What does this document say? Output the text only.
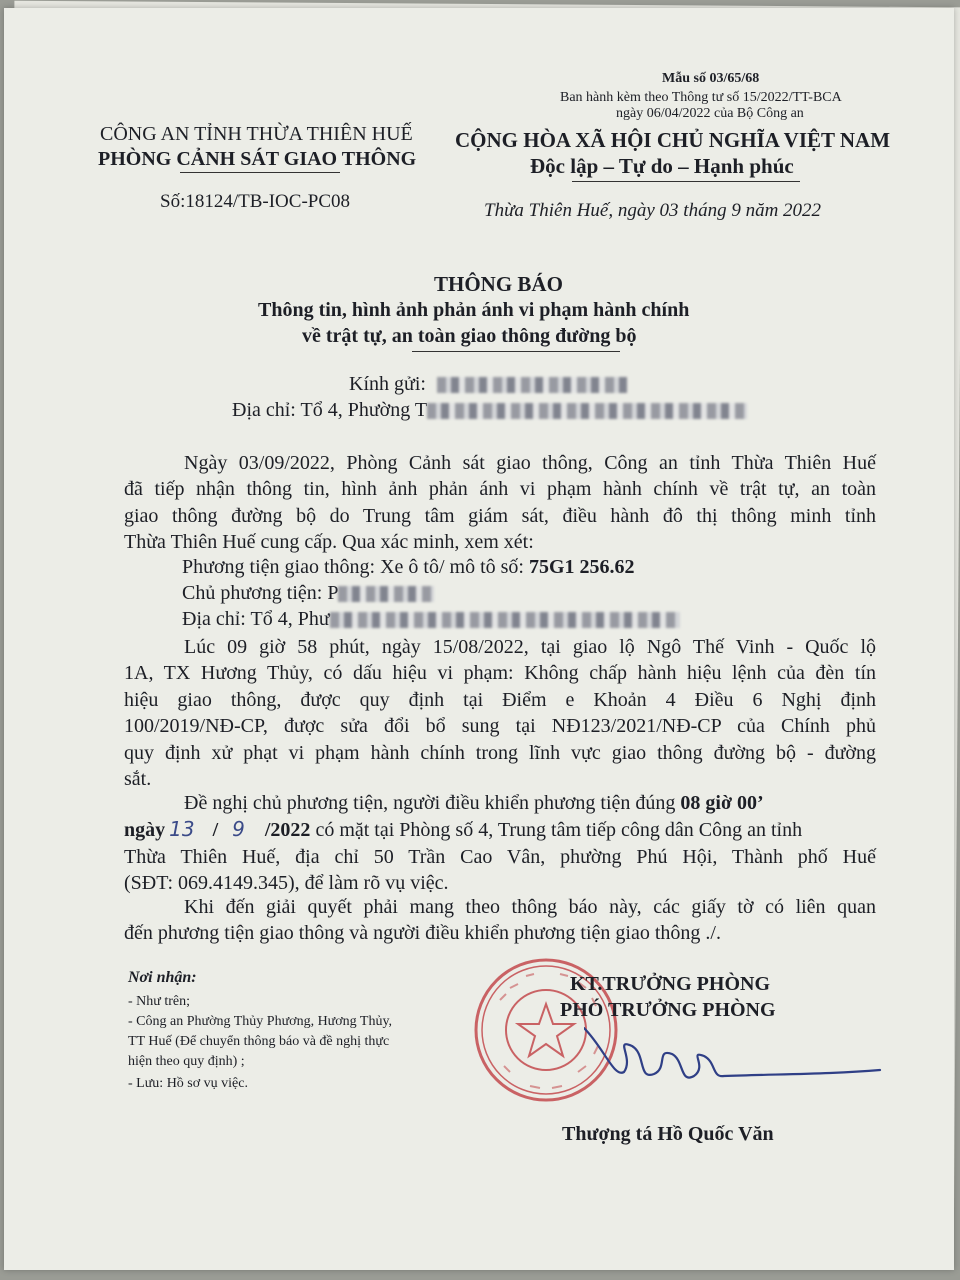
Mẫu số 03/65/68
Ban hành kèm theo Thông tư số 15/2022/TT-BCA
ngày 06/04/2022 của Bộ Công an
CÔNG AN TỈNH THỪA THIÊN HUẾ
PHÒNG CẢNH SÁT GIAO THÔNG
Số:18124/TB-IOC-PC08
CỘNG HÒA XÃ HỘI CHỦ NGHĨA VIỆT NAM
Độc lập – Tự do – Hạnh phúc
Thừa Thiên Huế, ngày 03 tháng 9 năm 2022
THÔNG BÁO
Thông tin, hình ảnh phản ánh vi phạm hành chính
về trật tự, an toàn giao thông đường bộ
Kính gửi:
Địa chỉ: Tổ 4, Phường T
Ngày 03/09/2022, Phòng Cảnh sát giao thông, Công an tỉnh Thừa Thiên Huế
đã tiếp nhận thông tin, hình ảnh phản ánh vi phạm hành chính về trật tự, an toàn
giao thông đường bộ do Trung tâm giám sát, điều hành đô thị thông minh tỉnh
Thừa Thiên Huế cung cấp. Qua xác minh, xem xét:
Phương tiện giao thông: Xe ô tô/ mô tô số: 75G1 256.62
Chủ phương tiện: P
Địa chỉ: Tổ 4, Phư
Lúc 09 giờ 58 phút, ngày 15/08/2022, tại giao lộ Ngô Thế Vinh - Quốc lộ
1A, TX Hương Thủy, có dấu hiệu vi phạm: Không chấp hành hiệu lệnh của đèn tín
hiệu giao thông, được quy định tại Điểm e Khoản 4 Điều 6 Nghị định
100/2019/NĐ-CP, được sửa đổi bổ sung tại NĐ123/2021/NĐ-CP của Chính phủ
quy định xử phạt vi phạm hành chính trong lĩnh vực giao thông đường bộ - đường
sắt.
Đề nghị chủ phương tiện, người điều khiển phương tiện đúng 08 giờ 00’
ngày 13 / 9 /2022 có mặt tại Phòng số 4, Trung tâm tiếp công dân Công an tỉnh
Thừa Thiên Huế, địa chỉ 50 Trần Cao Vân, phường Phú Hội, Thành phố Huế
(SĐT: 069.4149.345), để làm rõ vụ việc.
Khi đến giải quyết phải mang theo thông báo này, các giấy tờ có liên quan
đến phương tiện giao thông và người điều khiển phương tiện giao thông ./.
Nơi nhận:
- Như trên;
- Công an Phường Thủy Phương, Hương Thủy,
TT Huế (Để chuyển thông báo và đề nghị thực
hiện theo quy định) ;
- Lưu: Hồ sơ vụ việc.
KT.TRƯỞNG PHÒNG
PHÓ TRƯỞNG PHÒNG
Thượng tá Hồ Quốc Văn
